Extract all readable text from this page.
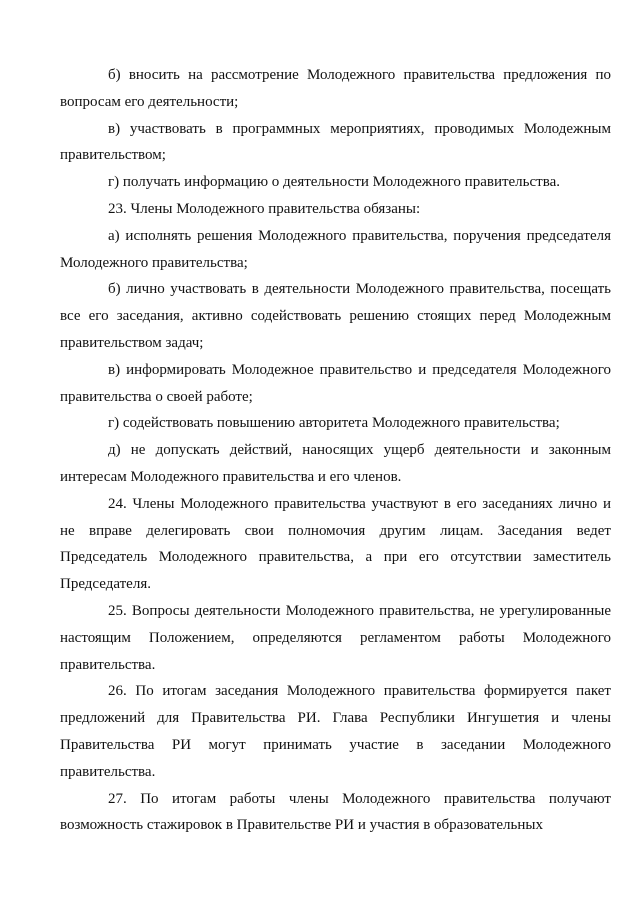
б) вносить на рассмотрение Молодежного правительства предложения по вопросам его деятельности;

в) участвовать в программных мероприятиях, проводимых Молодежным правительством;

г) получать информацию о деятельности Молодежного правительства.

23. Члены Молодежного правительства обязаны:

а) исполнять решения Молодежного правительства, поручения председателя Молодежного правительства;

б) лично участвовать в деятельности Молодежного правительства, посещать все его заседания, активно содействовать решению стоящих перед Молодежным правительством задач;

в) информировать Молодежное правительство и председателя Молодежного правительства о своей работе;

г) содействовать повышению авторитета Молодежного правительства;

д) не допускать действий, наносящих ущерб деятельности и законным интересам Молодежного правительства и его членов.

24. Члены Молодежного правительства участвуют в его заседаниях лично и не вправе делегировать свои полномочия другим лицам. Заседания ведет Председатель Молодежного правительства, а при его отсутствии заместитель Председателя.

25. Вопросы деятельности Молодежного правительства, не урегулированные настоящим Положением, определяются регламентом работы Молодежного правительства.

26. По итогам заседания Молодежного правительства формируется пакет предложений для Правительства РИ. Глава Республики Ингушетия и члены Правительства РИ могут принимать участие в заседании Молодежного правительства.

27. По итогам работы члены Молодежного правительства получают возможность стажировок в Правительстве РИ и участия в образовательных
